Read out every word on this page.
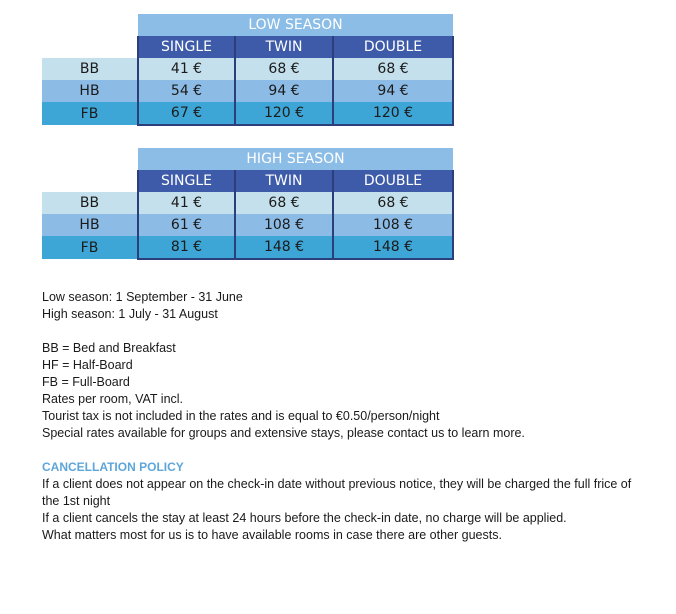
	LOW SEASON		
	SINGLE	TWIN	DOUBLE
BB	41 €	68 €	68 €
HB	54 €	94 €	94 €
FB	67 €	120 €	120 €
	HIGH SEASON		
	SINGLE	TWIN	DOUBLE
BB	41 €	68 €	68 €
HB	61 €	108 €	108 €
FB	81 €	148 €	148 €

Low season: 1 September - 31 June

High season: 1 July - 31 August

BB = Bed and Breakfast

HF = Half-Board

FB = Full-Board

Rates per room, VAT incl.

Tourist tax is not included in the rates and is equal to €0.50/person/night

Special rates available for groups and extensive stays, please contact us to learn more.

CANCELLATION POLICY

If a client does not appear on the check-in date without previous notice, they will be charged the full frice of the 1st night

If a client cancels the stay at least 24 hours before the check-in date, no charge will be applied.

What matters most for us is to have available rooms in case there are other guests.
